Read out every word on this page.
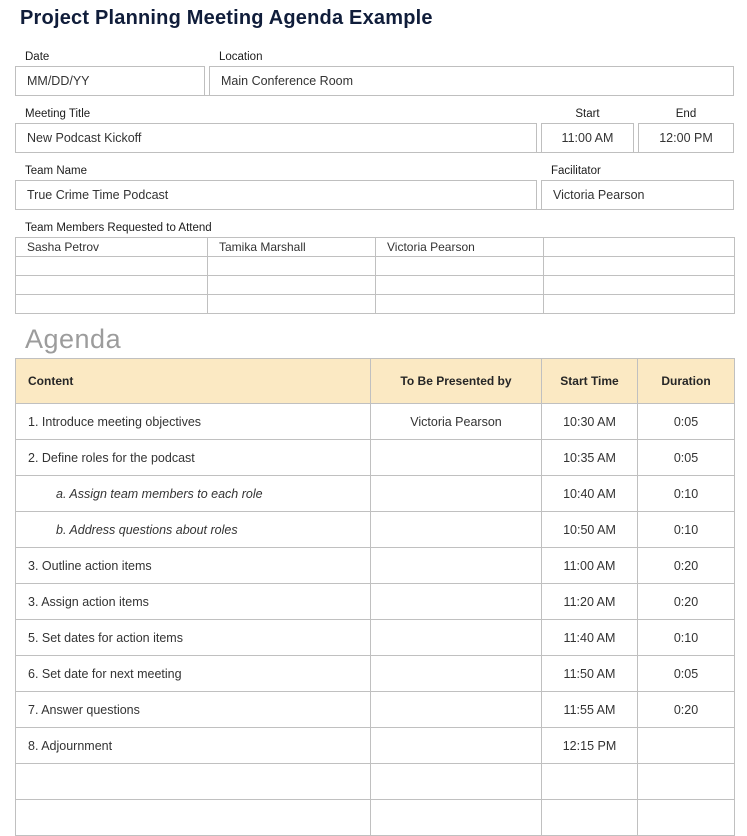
Project Planning Meeting Agenda Example
Date	Location
MM/DD/YY	Main Conference Room
Meeting Title	Start	End
New Podcast Kickoff	11:00 AM	12:00 PM
Team Name	Facilitator
True Crime Time Podcast	Victoria Pearson
Team Members Requested to Attend
Sasha Petrov	Tamika Marshall	Victoria Pearson	

Agenda
Content	To Be Presented by	Start Time	Duration
1. Introduce meeting objectives	Victoria Pearson	10:30 AM	0:05
2. Define roles for the podcast		10:35 AM	0:05
a. Assign team members to each role		10:40 AM	0:10
b. Address questions about roles		10:50 AM	0:10
3. Outline action items		11:00 AM	0:20
3. Assign action items		11:20 AM	0:20
5. Set dates for action items		11:40 AM	0:10
6. Set date for next meeting		11:50 AM	0:05
7. Answer questions		11:55 AM	0:20
8. Adjournment		12:15 PM	
